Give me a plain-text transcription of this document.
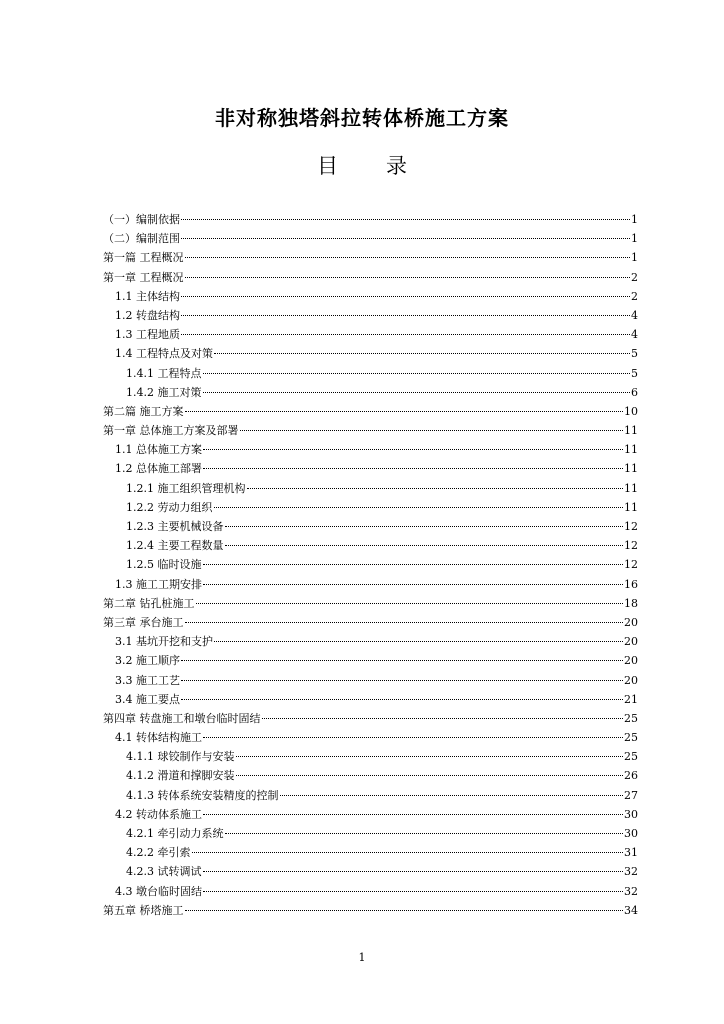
非对称独塔斜拉转体桥施工方案
目 录
（一）编制依据	1
（二）编制范围	1
第一篇 工程概况	1
第一章 工程概况	2
1.1 主体结构	2
1.2 转盘结构	4
1.3 工程地质	4
1.4 工程特点及对策	5
1.4.1 工程特点	5
1.4.2 施工对策	6
第二篇 施工方案	10
第一章 总体施工方案及部署	11
1.1 总体施工方案	11
1.2 总体施工部署	11
1.2.1 施工组织管理机构	11
1.2.2 劳动力组织	11
1.2.3 主要机械设备	12
1.2.4 主要工程数量	12
1.2.5 临时设施	12
1.3 施工工期安排	16
第二章 钻孔桩施工	18
第三章 承台施工	20
3.1 基坑开挖和支护	20
3.2 施工顺序	20
3.3 施工工艺	20
3.4 施工要点	21
第四章 转盘施工和墩台临时固结	25
4.1 转体结构施工	25
4.1.1 球铰制作与安装	25
4.1.2 滑道和撑脚安装	26
4.1.3 转体系统安装精度的控制	27
4.2 转动体系施工	30
4.2.1 牵引动力系统	30
4.2.2 牵引索	31
4.2.3 试转调试	32
4.3 墩台临时固结	32
第五章 桥塔施工	34
1
